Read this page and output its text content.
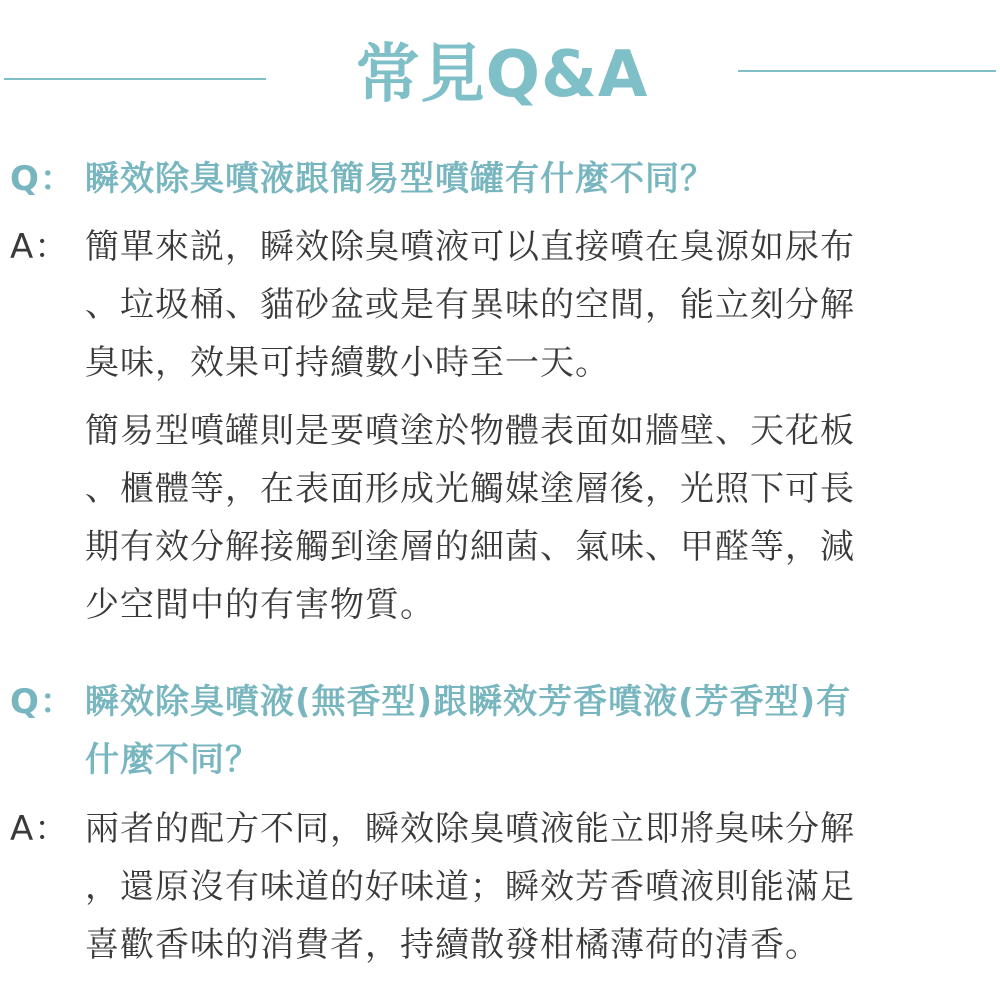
常見Q&A
Q： 瞬效除臭噴液跟簡易型噴罐有什麼不同？
A： 簡單來説，瞬效除臭噴液可以直接噴在臭源如尿布
、垃圾桶、貓砂盆或是有異味的空間，能立刻分解
臭味，效果可持續數小時至一天。
簡易型噴罐則是要噴塗於物體表面如牆壁、天花板
、櫃體等，在表面形成光觸媒塗層後，光照下可長
期有效分解接觸到塗層的細菌、氣味、甲醛等，減
少空間中的有害物質。
Q： 瞬效除臭噴液(無香型)跟瞬效芳香噴液(芳香型)有
什麼不同？
A： 兩者的配方不同，瞬效除臭噴液能立即將臭味分解
，還原沒有味道的好味道；瞬效芳香噴液則能滿足
喜歡香味的消費者，持續散發柑橘薄荷的清香。
